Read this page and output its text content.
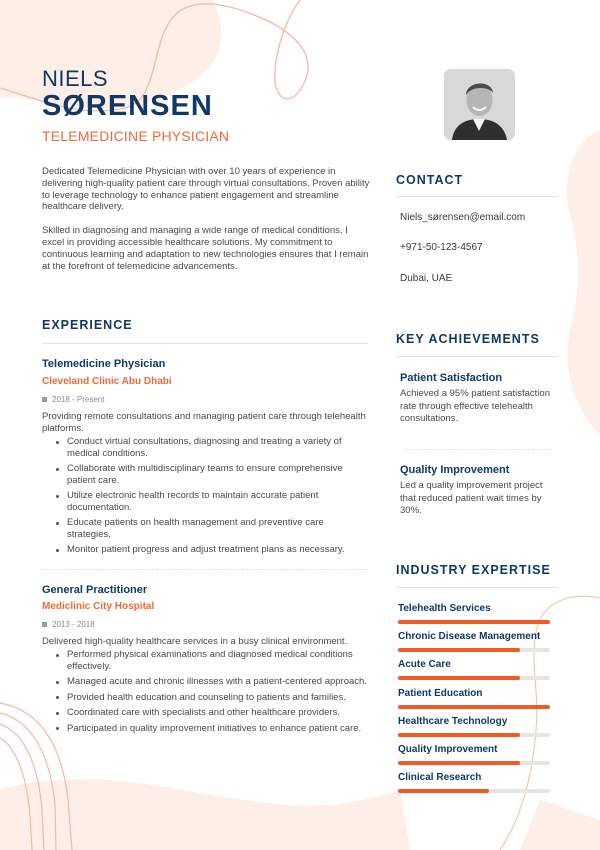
NIELS
SØRENSEN
TELEMEDICINE PHYSICIAN

Dedicated Telemedicine Physician with over 10 years of experience in delivering high-quality patient care through virtual consultations. Proven ability to leverage technology to enhance patient engagement and streamline healthcare delivery.

Skilled in diagnosing and managing a wide range of medical conditions, I excel in providing accessible healthcare solutions. My commitment to continuous learning and adaptation to new technologies ensures that I remain at the forefront of telemedicine advancements.

EXPERIENCE
Telemedicine Physician
Cleveland Clinic Abu Dhabi
2018 - Present
Providing remote consultations and managing patient care through telehealth platforms.
Conduct virtual consultations, diagnosing and treating a variety of medical conditions.
Collaborate with multidisciplinary teams to ensure comprehensive patient care.
Utilize electronic health records to maintain accurate patient documentation.
Educate patients on health management and preventive care strategies.
Monitor patient progress and adjust treatment plans as necessary.
General Practitioner
Mediclinic City Hospital
2013 - 2018
Delivered high-quality healthcare services in a busy clinical environment.
Performed physical examinations and diagnosed medical conditions effectively.
Managed acute and chronic illnesses with a patient-centered approach.
Provided health education and counseling to patients and families.
Coordinated care with specialists and other healthcare providers.
Participated in quality improvement initiatives to enhance patient care.
CONTACT
Niels_sørensen@email.com
+971-50-123-4567
Dubai, UAE
KEY ACHIEVEMENTS
Patient Satisfaction
Achieved a 95% patient satisfaction rate through effective telehealth consultations.
Quality Improvement
Led a quality improvement project that reduced patient wait times by 30%.
INDUSTRY EXPERTISE
Telehealth Services
Chronic Disease Management
Acute Care
Patient Education
Healthcare Technology
Quality Improvement
Clinical Research
